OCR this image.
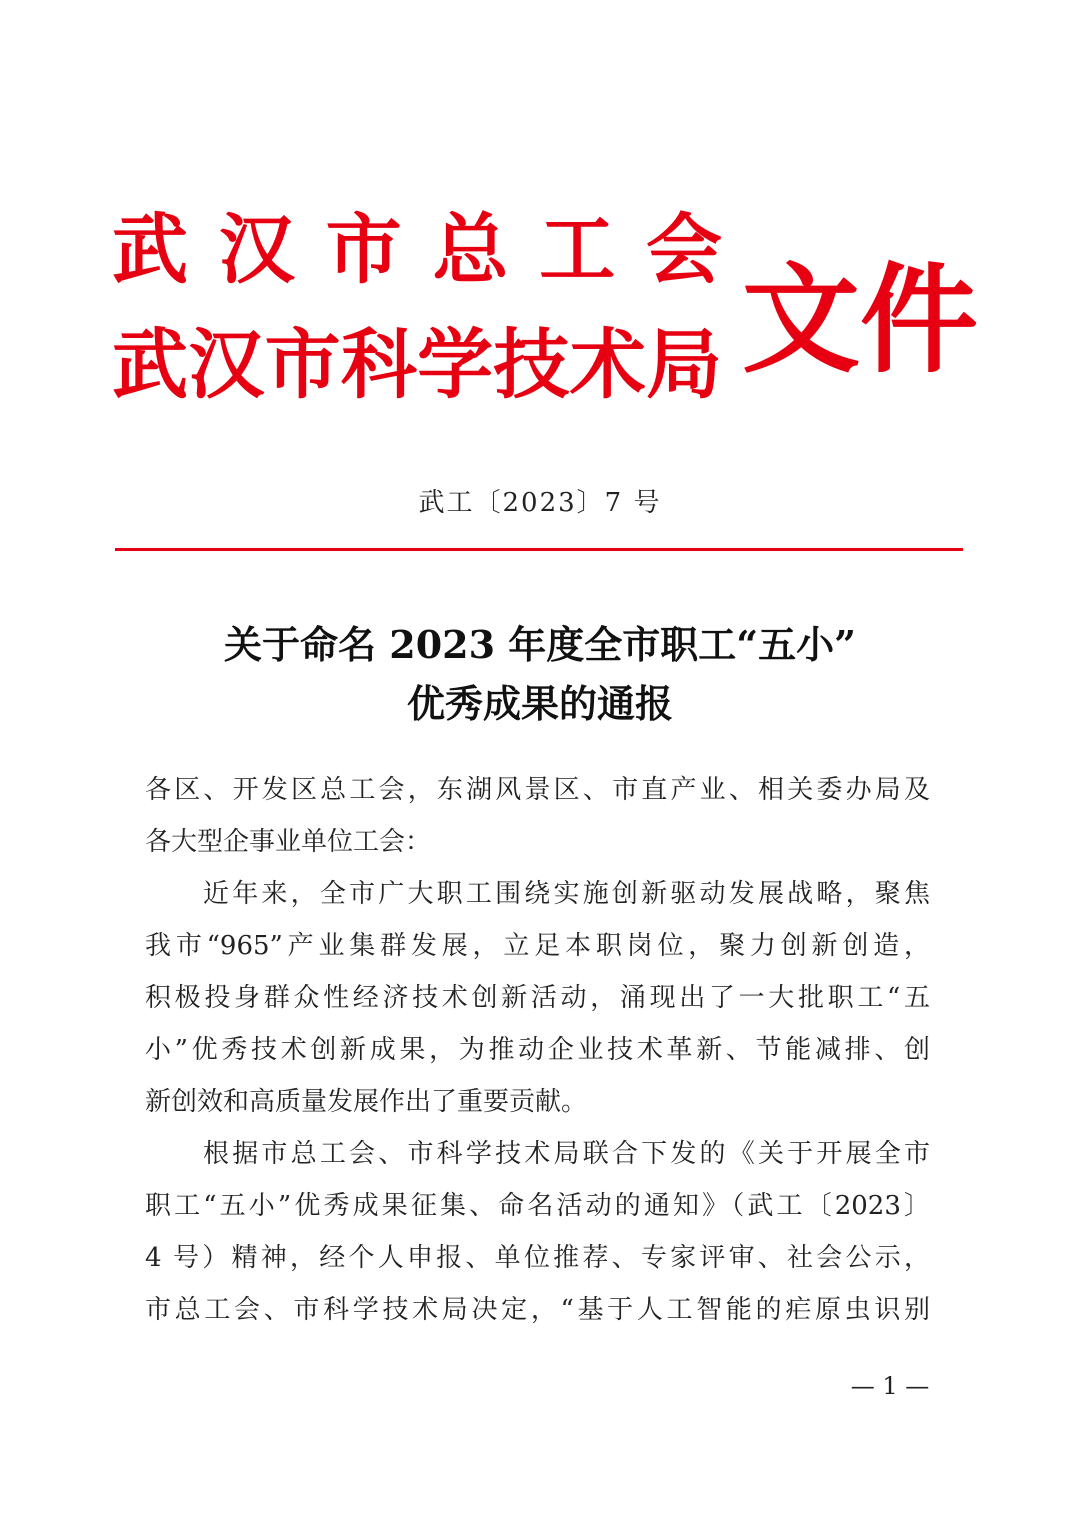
武 汉 市 总 工 会
武 汉 市 科 学 技 术 局 文 件
武工〔2023〕7 号
关于命名 2023 年度全市职工“五小”
优秀成果的通报
各区、开发区总工会，东湖风景区、市直产业、相关委办局及
各大型企事业单位工会：
近年来，全市广大职工围绕实施创新驱动发展战略，聚焦
我市“965”产业集群发展，立足本职岗位，聚力创新创造，
积极投身群众性经济技术创新活动，涌现出了一大批职工“五
小”优秀技术创新成果，为推动企业技术革新、节能减排、创
新创效和高质量发展作出了重要贡献。
根据市总工会、市科学技术局联合下发的《关于开展全市
职工“五小”优秀成果征集、命名活动的通知》（武工〔2023〕
4 号）精神，经个人申报、单位推荐、专家评审、社会公示，
市总工会、市科学技术局决定，“基于人工智能的疟原虫识别
— 1 —
